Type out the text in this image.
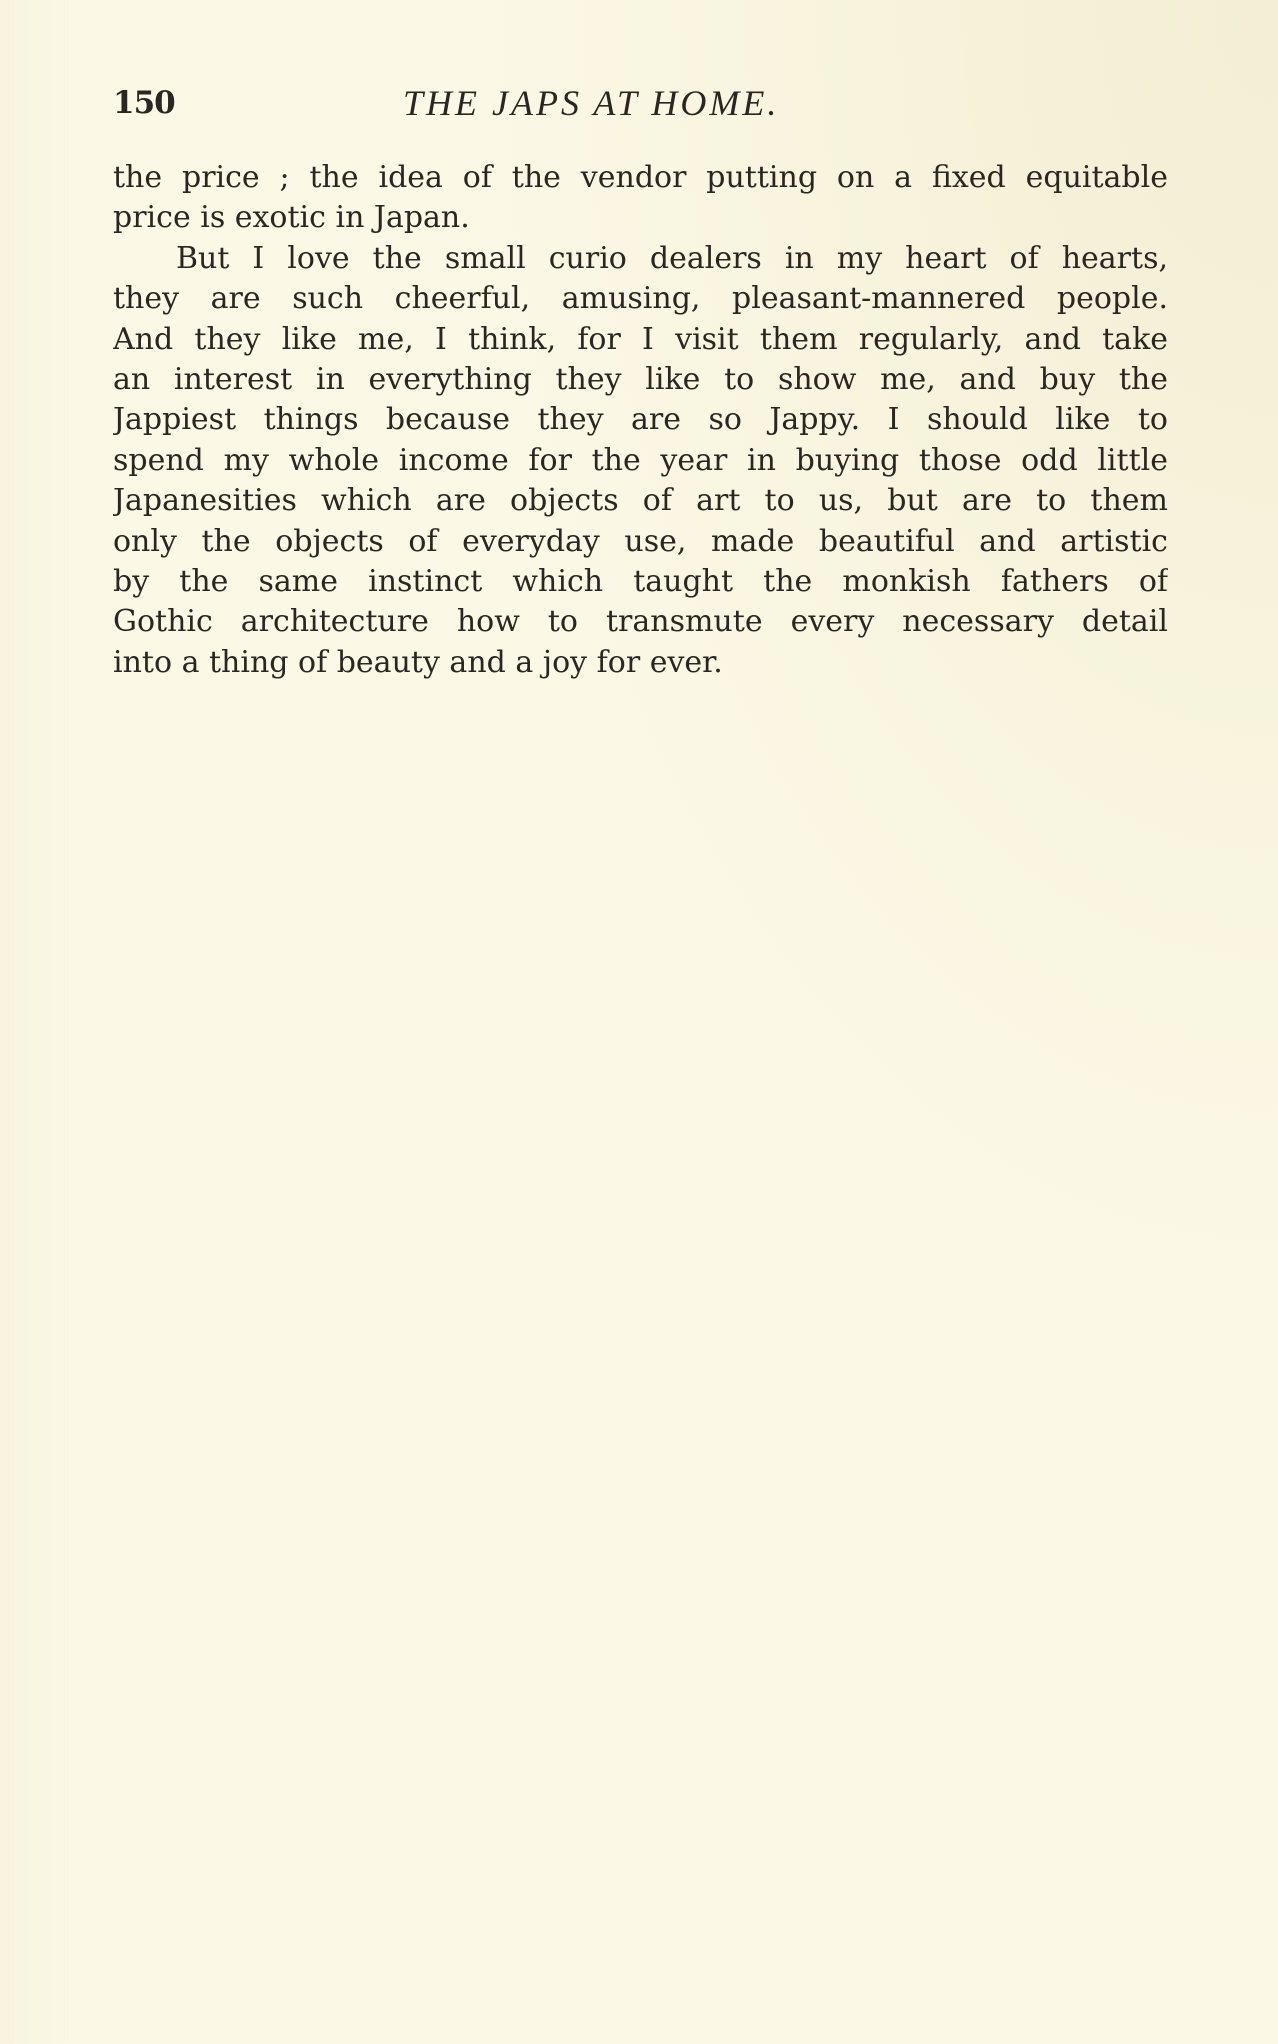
150	THE JAPS AT HOME.
the price ; the idea of the vendor putting on a fixed equitable
price is exotic in Japan.
But I love the small curio dealers in my heart of hearts,
they are such cheerful, amusing, pleasant-mannered people.
And they like me, I think, for I visit them regularly, and take
an interest in everything they like to show me, and buy the
Jappiest things because they are so Jappy. I should like to
spend my whole income for the year in buying those odd little
Japanesities which are objects of art to us, but are to them
only the objects of everyday use, made beautiful and artistic
by the same instinct which taught the monkish fathers of
Gothic architecture how to transmute every necessary detail
into a thing of beauty and a joy for ever.
